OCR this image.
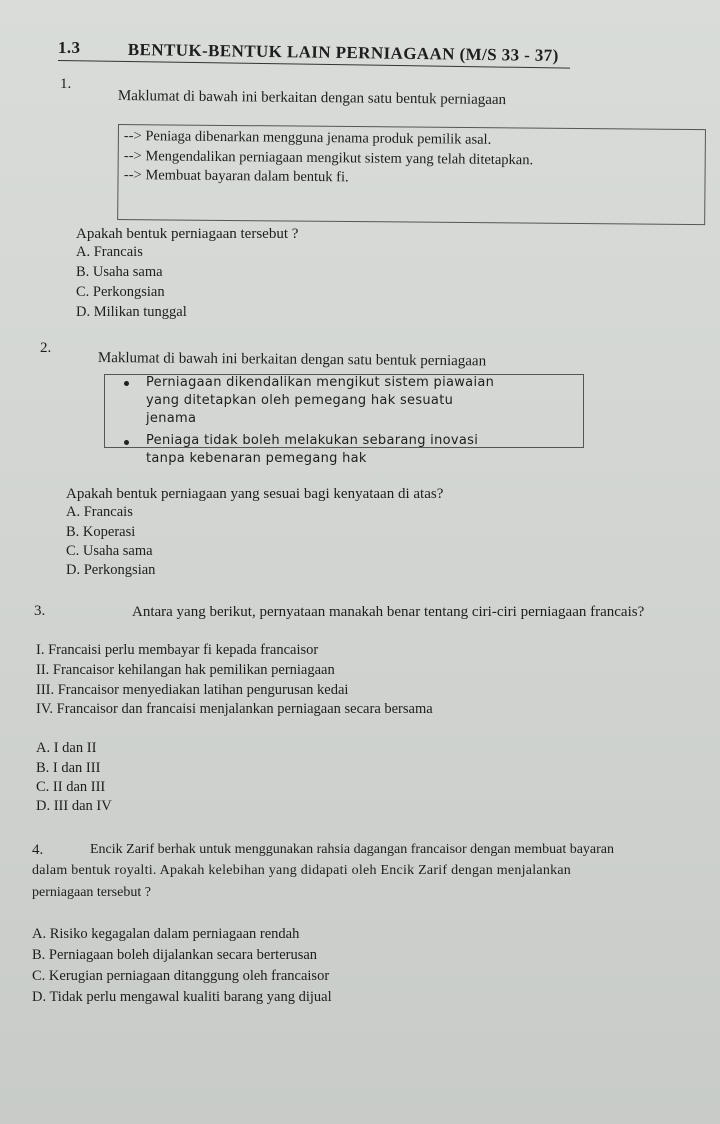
1.3	BENTUK-BENTUK LAIN PERNIAGAAN (M/S 33 - 37)
1.
Maklumat di bawah ini berkaitan dengan satu bentuk perniagaan
--> Peniaga dibenarkan mengguna jenama produk pemilik asal.
--> Mengendalikan perniagaan mengikut sistem yang telah ditetapkan.
--> Membuat bayaran dalam bentuk fi.
Apakah bentuk perniagaan tersebut ?
A. Francais
B. Usaha sama
C. Perkongsian
D. Milikan tunggal
2.
Maklumat di bawah ini berkaitan dengan satu bentuk perniagaan
Perniagaan dikendalikan mengikut sistem piawaian
yang ditetapkan oleh pemegang hak sesuatu
jenama
Peniaga tidak boleh melakukan sebarang inovasi
tanpa kebenaran pemegang hak
Apakah bentuk perniagaan yang sesuai bagi kenyataan di atas?
A. Francais
B. Koperasi
C. Usaha sama
D. Perkongsian
3.	Antara yang berikut, pernyataan manakah benar tentang ciri-ciri perniagaan francais?
I. Francaisi perlu membayar fi kepada francaisor
II. Francaisor kehilangan hak pemilikan perniagaan
III. Francaisor menyediakan latihan pengurusan kedai
IV. Francaisor dan francaisi menjalankan perniagaan secara bersama
A. I dan II
B. I dan III
C. II dan III
D. III dan IV
4.	Encik Zarif berhak untuk menggunakan rahsia dagangan francaisor dengan membuat bayaran
dalam bentuk royalti. Apakah kelebihan yang didapati oleh Encik Zarif dengan menjalankan
perniagaan tersebut ?
A. Risiko kegagalan dalam perniagaan rendah
B. Perniagaan boleh dijalankan secara berterusan
C. Kerugian perniagaan ditanggung oleh francaisor
D. Tidak perlu mengawal kualiti barang yang dijual
